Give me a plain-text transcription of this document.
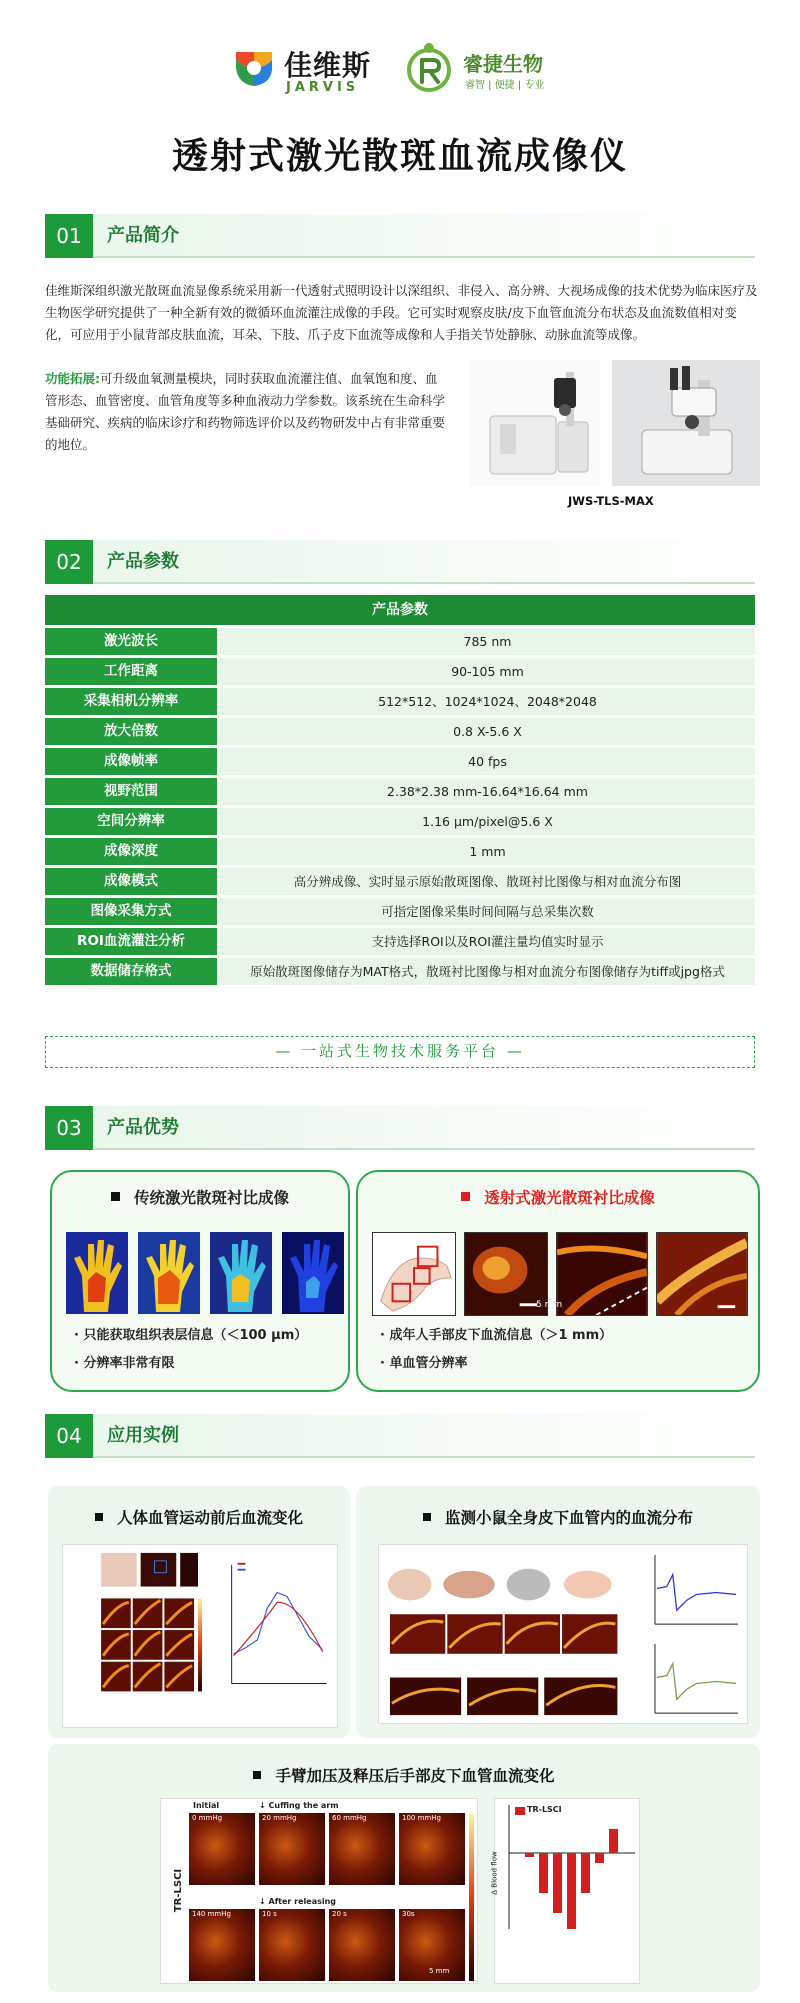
佳维斯
JARVIS
睿捷生物
睿智 | 便捷 | 专业
透射式激光散斑血流成像仪
01	产品简介

佳维斯深组织激光散斑血流显像系统采用新一代透射式照明设计以深组织、非侵入、高分辨、大视场成像的技术优势为临床医疗及生物医学研究提供了一种全新有效的微循环血流灌注成像的手段。它可实时观察皮肤/皮下血管血流分布状态及血流数值相对变化，可应用于小鼠背部皮肤血流，耳朵、下肢、爪子皮下血流等成像和人手指关节处静脉、动脉血流等成像。

功能拓展:可升级血氧测量模块，同时获取血流灌注值、血氧饱和度、血管形态、血管密度、血管角度等多种血液动力学参数。该系统在生命科学基础研究、疾病的临床诊疗和药物筛选评价以及药物研发中占有非常重要的地位。

JWS-TLS-MAX
02	产品参数
产品参数
激光波长	785 nm
工作距离	90-105 mm
采集相机分辨率	512*512、1024*1024、2048*2048
放大倍数	0.8 X-5.6 X
成像帧率	40 fps
视野范围	2.38*2.38 mm-16.64*16.64 mm
空间分辨率	1.16 μm/pixel@5.6 X
成像深度	1 mm
成像模式	高分辨成像、实时显示原始散斑图像、散斑衬比图像与相对血流分布图
图像采集方式	可指定图像采集时间间隔与总采集次数
ROI血流灌注分析	支持选择ROI以及ROI灌注量均值实时显示
数据储存格式	原始散斑图像储存为MAT格式，散斑衬比图像与相对血流分布图像储存为tiff或jpg格式
— 一站式生物技术服务平台 —
03	产品优势
传统激光散斑衬比成像
· 只能获取组织表层信息（＜100 μm）
· 分辨率非常有限
透射式激光散斑衬比成像
5 mm
· 成年人手部皮下血流信息（＞1 mm）
· 单血管分辨率
04	应用实例
人体血管运动前后血流变化	监测小鼠全身皮下血管内的血流分布
手臂加压及释压后手部皮下血管血流变化
Initial	↓ Cuffing the arm
↓ After releasing
TR-LSCI
0 mmHg	20 mmHg	60 mmHg	100 mmHg
140 mmHg	10 s	20 s	30s
5 mm
TR-LSCI
Δ Blood flow
